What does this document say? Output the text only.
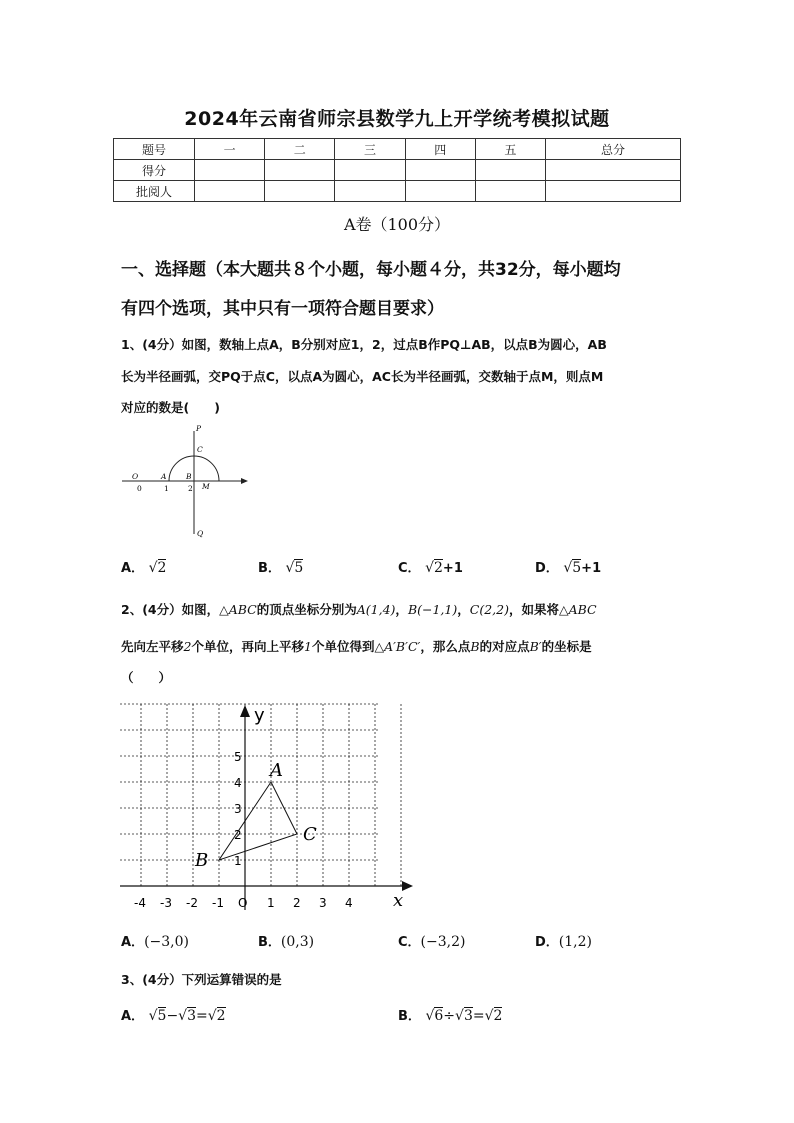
2024年云南省师宗县数学九上开学统考模拟试题
题号	一	二	三	四	五	总分
得分						
批阅人						
A卷（100分）
一、选择题（本大题共８个小题，每小题４分，共32分，每小题均
有四个选项，其中只有一项符合题目要求）
1、(4分）如图，数轴上点A，B分别对应1，2，过点B作PQ⊥AB，以点B为圆心，AB
长为半径画弧，交PQ于点C，以点A为圆心，AC长为半径画弧，交数轴于点M，则点M
对应的数是(　　)
P
C
O	A	B
M
Q
0	1	2
A． √2	B． √5	C． √2+1	D． √5+1
2、(4分）如图，△ABC的顶点坐标分别为A(1,4)，B(−1,1)，C(2,2)，如果将△ABC
先向左平移2个单位，再向上平移1个单位得到△A′B′C′，那么点B的对应点B′的坐标是
（　　）
y
x
-4 -3 -2 -1 O 1 2 3 4
1
2
3
4
5
A
B
C
A．(−3,0)	B．(0,3)	C．(−3,2)	D．(1,2)
3、(4分）下列运算错误的是
A． √5−√3=√2	B． √6÷√3=√2
